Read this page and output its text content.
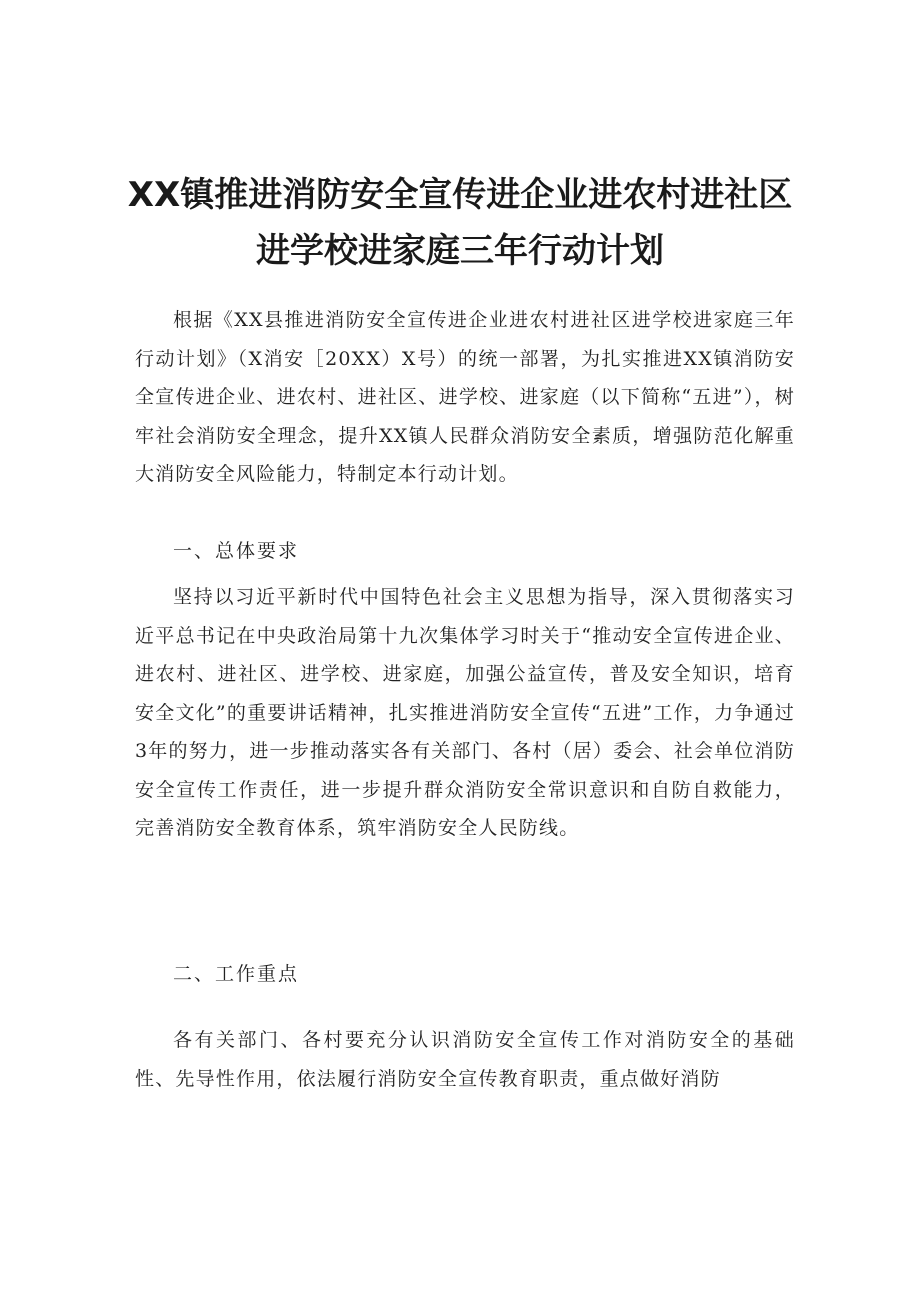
XX镇推进消防安全宣传进企业进农村进社区
进学校进家庭三年行动计划
根据《XX县推进消防安全宣传进企业进农村进社区进学校进家庭三年行动计划》（X消安［20XX）X号）的统一部署，为扎实推进XX镇消防安全宣传进企业、进农村、进社区、进学校、进家庭（以下简称“五进”），树牢社会消防安全理念，提升XX镇人民群众消防安全素质，增强防范化解重大消防安全风险能力，特制定本行动计划。
一、总体要求
坚持以习近平新时代中国特色社会主义思想为指导，深入贯彻落实习近平总书记在中央政治局第十九次集体学习时关于“推动安全宣传进企业、进农村、进社区、进学校、进家庭，加强公益宣传，普及安全知识，培育安全文化”的重要讲话精神，扎实推进消防安全宣传“五进”工作，力争通过3年的努力，进一步推动落实各有关部门、各村（居）委会、社会单位消防安全宣传工作责任，进一步提升群众消防安全常识意识和自防自救能力，完善消防安全教育体系，筑牢消防安全人民防线。
二、工作重点
各有关部门、各村要充分认识消防安全宣传工作对消防安全的基础性、先导性作用，依法履行消防安全宣传教育职责，重点做好消防
